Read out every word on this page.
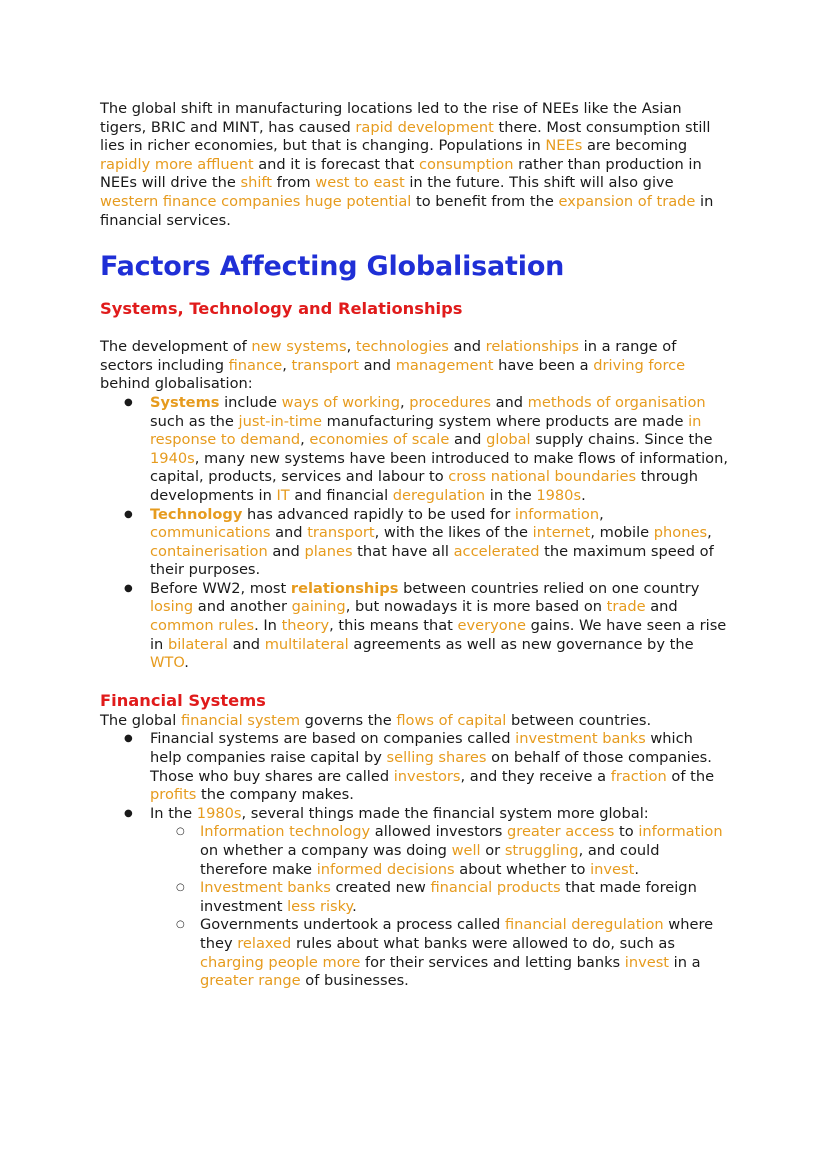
The global shift in manufacturing locations led to the rise of NEEs like the Asian tigers, BRIC and MINT, has caused rapid development there. Most consumption still lies in richer economies, but that is changing. Populations in NEEs are becoming rapidly more affluent and it is forecast that consumption rather than production in NEEs will drive the shift from west to east in the future. This shift will also give western finance companies huge potential to benefit from the expansion of trade in financial services.

Factors Affecting Globalisation
Systems, Technology and Relationships

The development of new systems, technologies and relationships in a range of sectors including finance, transport and management have been a driving force behind globalisation:

● Systems include ways of working, procedures and methods of organisation such as the just-in-time manufacturing system where products are made in response to demand, economies of scale and global supply chains. Since the 1940s, many new systems have been introduced to make flows of information, capital, products, services and labour to cross national boundaries through developments in IT and financial deregulation in the 1980s.
● Technology has advanced rapidly to be used for information, communications and transport, with the likes of the internet, mobile phones, containerisation and planes that have all accelerated the maximum speed of their purposes.
● Before WW2, most relationships between countries relied on one country losing and another gaining, but nowadays it is more based on trade and common rules. In theory, this means that everyone gains. We have seen a rise in bilateral and multilateral agreements as well as new governance by the WTO.
Financial Systems

The global financial system governs the flows of capital between countries.

● Financial systems are based on companies called investment banks which help companies raise capital by selling shares on behalf of those companies. Those who buy shares are called investors, and they receive a fraction of the profits the company makes.
● In the 1980s, several things made the financial system more global:
○ Information technology allowed investors greater access to information on whether a company was doing well or struggling, and could therefore make informed decisions about whether to invest.
○ Investment banks created new financial products that made foreign investment less risky.
○ Governments undertook a process called financial deregulation where they relaxed rules about what banks were allowed to do, such as charging people more for their services and letting banks invest in a greater range of businesses.
